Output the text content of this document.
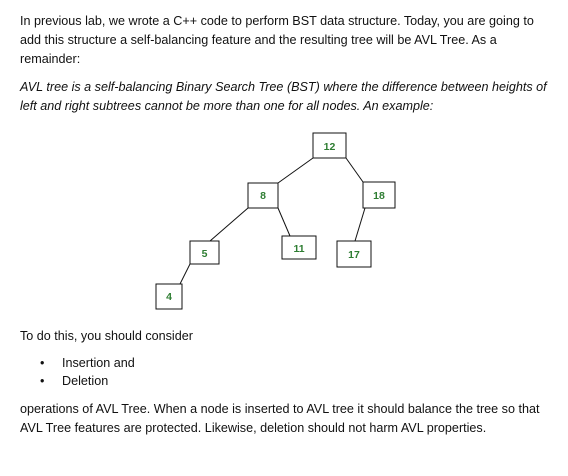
In previous lab, we wrote a C++ code to perform BST data structure. Today, you are going to add this structure a self-balancing feature and the resulting tree will be AVL Tree. As a remainder:

AVL tree is a self-balancing Binary Search Tree (BST) where the difference between heights of left and right subtrees cannot be more than one for all nodes. An example:

12
8	18
5	11	17
4

To do this, you should consider

• Insertion and
• Deletion

operations of AVL Tree. When a node is inserted to AVL tree it should balance the tree so that AVL Tree features are protected. Likewise, deletion should not harm AVL properties.
